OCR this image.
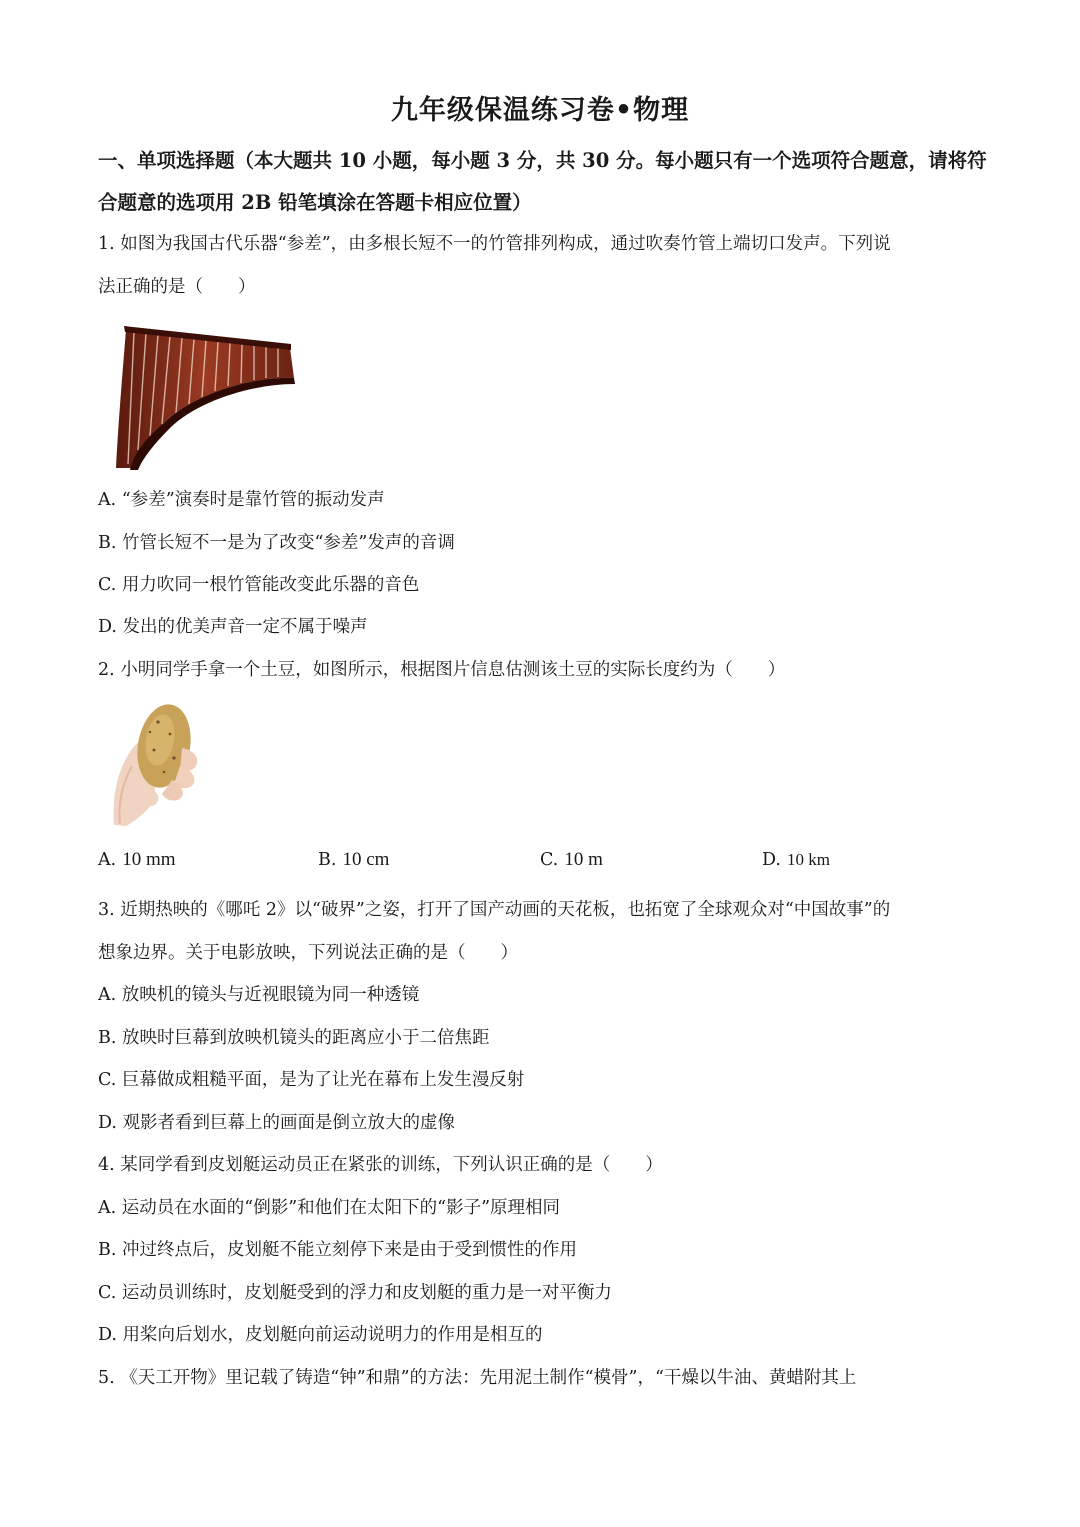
九年级保温练习卷•物理
一、单项选择题（本大题共 10 小题，每小题 3 分，共 30 分。每小题只有一个选项符合题意，请将符合题意的选项用 2B 铅笔填涂在答题卡相应位置）
1. 如图为我国古代乐器“参差”，由多根长短不一的竹管排列构成，通过吹奏竹管上端切口发声。下列说
法正确的是（　　）
A. “参差”演奏时是靠竹管的振动发声
B. 竹管长短不一是为了改变“参差”发声的音调
C. 用力吹同一根竹管能改变此乐器的音色
D. 发出的优美声音一定不属于噪声
2. 小明同学手拿一个土豆，如图所示，根据图片信息估测该土豆的实际长度约为（　　）
A. 10 mm	B. 10 cm	C. 10 m	D. 10 km
3. 近期热映的《哪吒 2》以“破界”之姿，打开了国产动画的天花板，也拓宽了全球观众对“中国故事”的
想象边界。关于电影放映，下列说法正确的是（　　）
A. 放映机的镜头与近视眼镜为同一种透镜
B. 放映时巨幕到放映机镜头的距离应小于二倍焦距
C. 巨幕做成粗糙平面，是为了让光在幕布上发生漫反射
D. 观影者看到巨幕上的画面是倒立放大的虚像
4. 某同学看到皮划艇运动员正在紧张的训练，下列认识正确的是（　　）
A. 运动员在水面的“倒影”和他们在太阳下的“影子”原理相同
B. 冲过终点后，皮划艇不能立刻停下来是由于受到惯性的作用
C. 运动员训练时，皮划艇受到的浮力和皮划艇的重力是一对平衡力
D. 用桨向后划水，皮划艇向前运动说明力的作用是相互的
5. 《天工开物》里记载了铸造“钟”和鼎”的方法：先用泥土制作“模骨”，“干燥以牛油、黄蜡附其上
